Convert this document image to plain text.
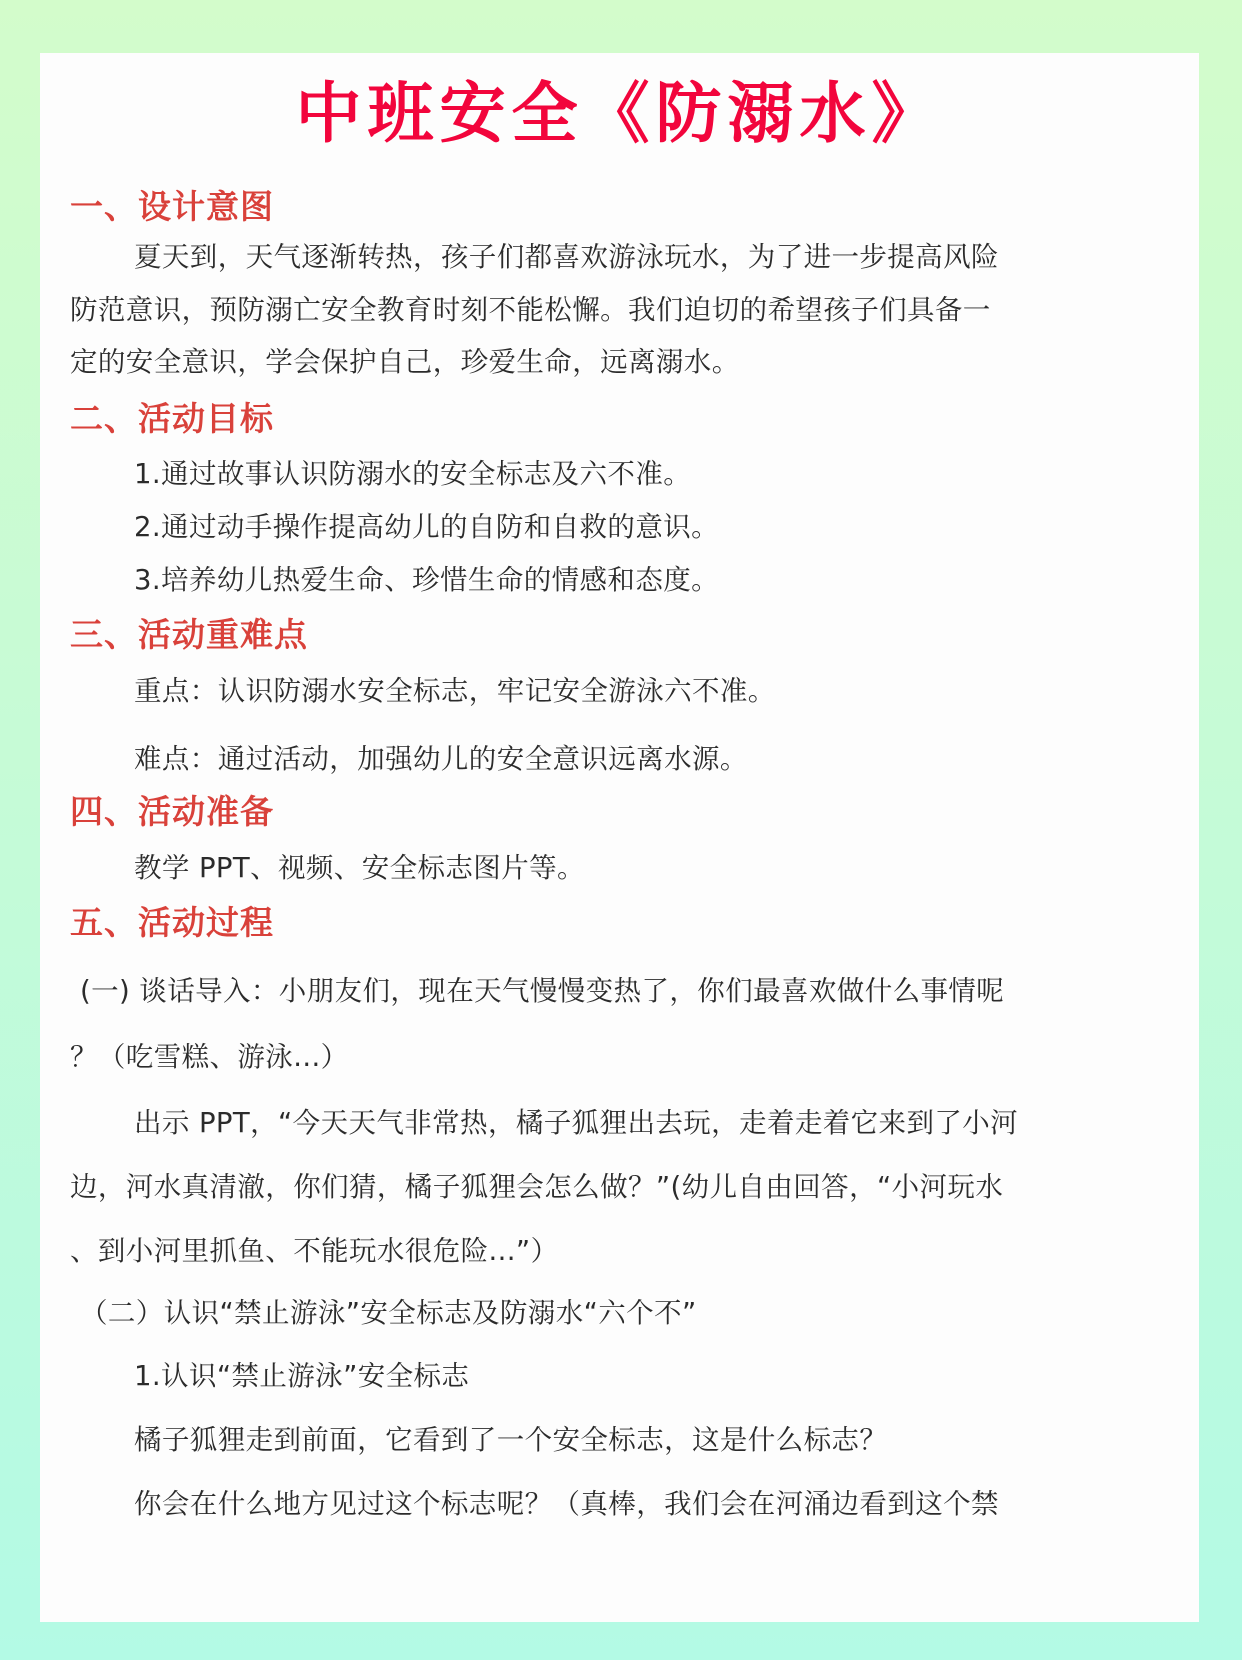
中班安全《防溺水》
一、设计意图

夏天到，天气逐渐转热，孩子们都喜欢游泳玩水，为了进一步提高风险

防范意识，预防溺亡安全教育时刻不能松懈。我们迫切的希望孩子们具备一

定的安全意识，学会保护自己，珍爱生命，远离溺水。

二、活动目标

1.通过故事认识防溺水的安全标志及六不准。

2.通过动手操作提高幼儿的自防和自救的意识。

3.培养幼儿热爱生命、珍惜生命的情感和态度。

三、活动重难点

重点：认识防溺水安全标志，牢记安全游泳六不准。

难点：通过活动，加强幼儿的安全意识远离水源。

四、活动准备

教学 PPT、视频、安全标志图片等。

五、活动过程

(一) 谈话导入：小朋友们，现在天气慢慢变热了，你们最喜欢做什么事情呢

？（吃雪糕、游泳...）

出示 PPT，“今天天气非常热，橘子狐狸出去玩，走着走着它来到了小河

边，河水真清澈，你们猜，橘子狐狸会怎么做？”(幼儿自由回答，“小河玩水

、到小河里抓鱼、不能玩水很危险...”）

（二）认识“禁止游泳”安全标志及防溺水“六个不”

1.认识“禁止游泳”安全标志

橘子狐狸走到前面，它看到了一个安全标志，这是什么标志？

你会在什么地方见过这个标志呢？（真棒，我们会在河涌边看到这个禁
